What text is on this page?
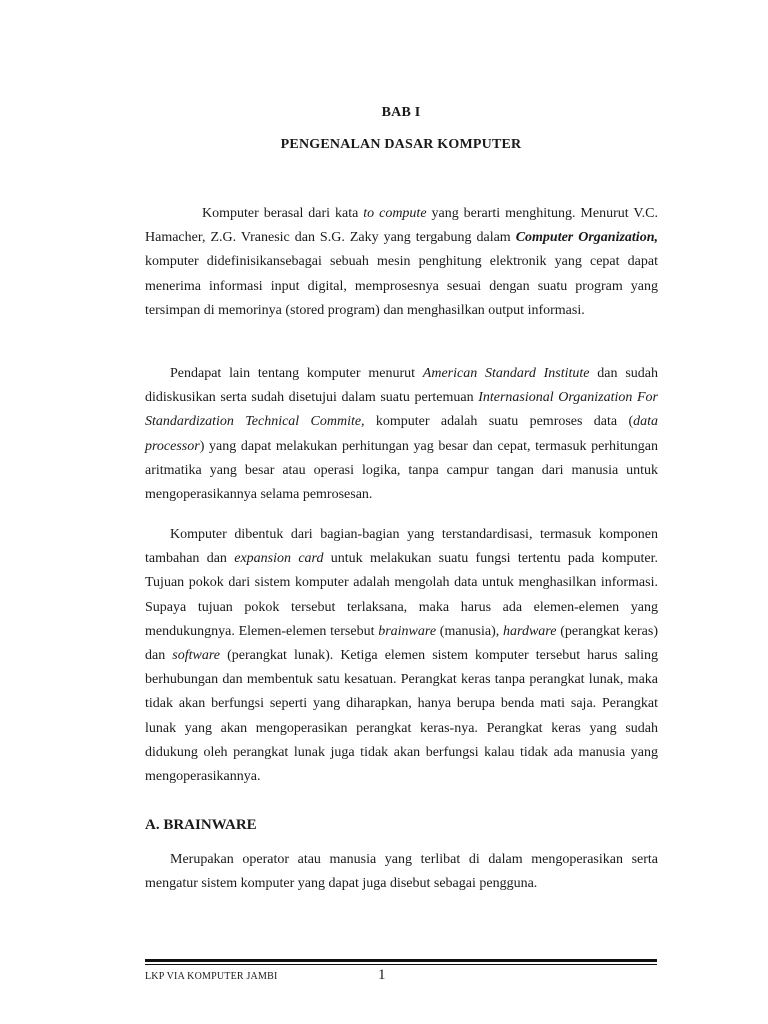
BAB I
PENGENALAN DASAR KOMPUTER

Komputer berasal dari kata to compute yang berarti menghitung. Menurut V.C. Hamacher, Z.G. Vranesic dan S.G. Zaky yang tergabung dalam Computer Organization, komputer didefinisikansebagai sebuah mesin penghitung elektronik yang cepat dapat menerima informasi input digital, memprosesnya sesuai dengan suatu program yang tersimpan di memorinya (stored program) dan menghasilkan output informasi.

Pendapat lain tentang komputer menurut American Standard Institute dan sudah didiskusikan serta sudah disetujui dalam suatu pertemuan Internasional Organization For Standardization Technical Commite, komputer adalah suatu pemroses data (data processor) yang dapat melakukan perhitungan yag besar dan cepat, termasuk perhitungan aritmatika yang besar atau operasi logika, tanpa campur tangan dari manusia untuk mengoperasikannya selama pemrosesan.

Komputer dibentuk dari bagian-bagian yang terstandardisasi, termasuk komponen tambahan dan expansion card untuk melakukan suatu fungsi tertentu pada komputer. Tujuan pokok dari sistem komputer adalah mengolah data untuk menghasilkan informasi. Supaya tujuan pokok tersebut terlaksana, maka harus ada elemen-elemen yang mendukungnya. Elemen-elemen tersebut brainware (manusia), hardware (perangkat keras) dan software (perangkat lunak). Ketiga elemen sistem komputer tersebut harus saling berhubungan dan membentuk satu kesatuan. Perangkat keras tanpa perangkat lunak, maka tidak akan berfungsi seperti yang diharapkan, hanya berupa benda mati saja. Perangkat lunak yang akan mengoperasikan perangkat keras-nya. Perangkat keras yang sudah didukung oleh perangkat lunak juga tidak akan berfungsi kalau tidak ada manusia yang mengoperasikannya.

A. BRAINWARE

Merupakan operator atau manusia yang terlibat di dalam mengoperasikan serta mengatur sistem komputer yang dapat juga disebut sebagai pengguna.

LKP VIA KOMPUTER JAMBI	1
